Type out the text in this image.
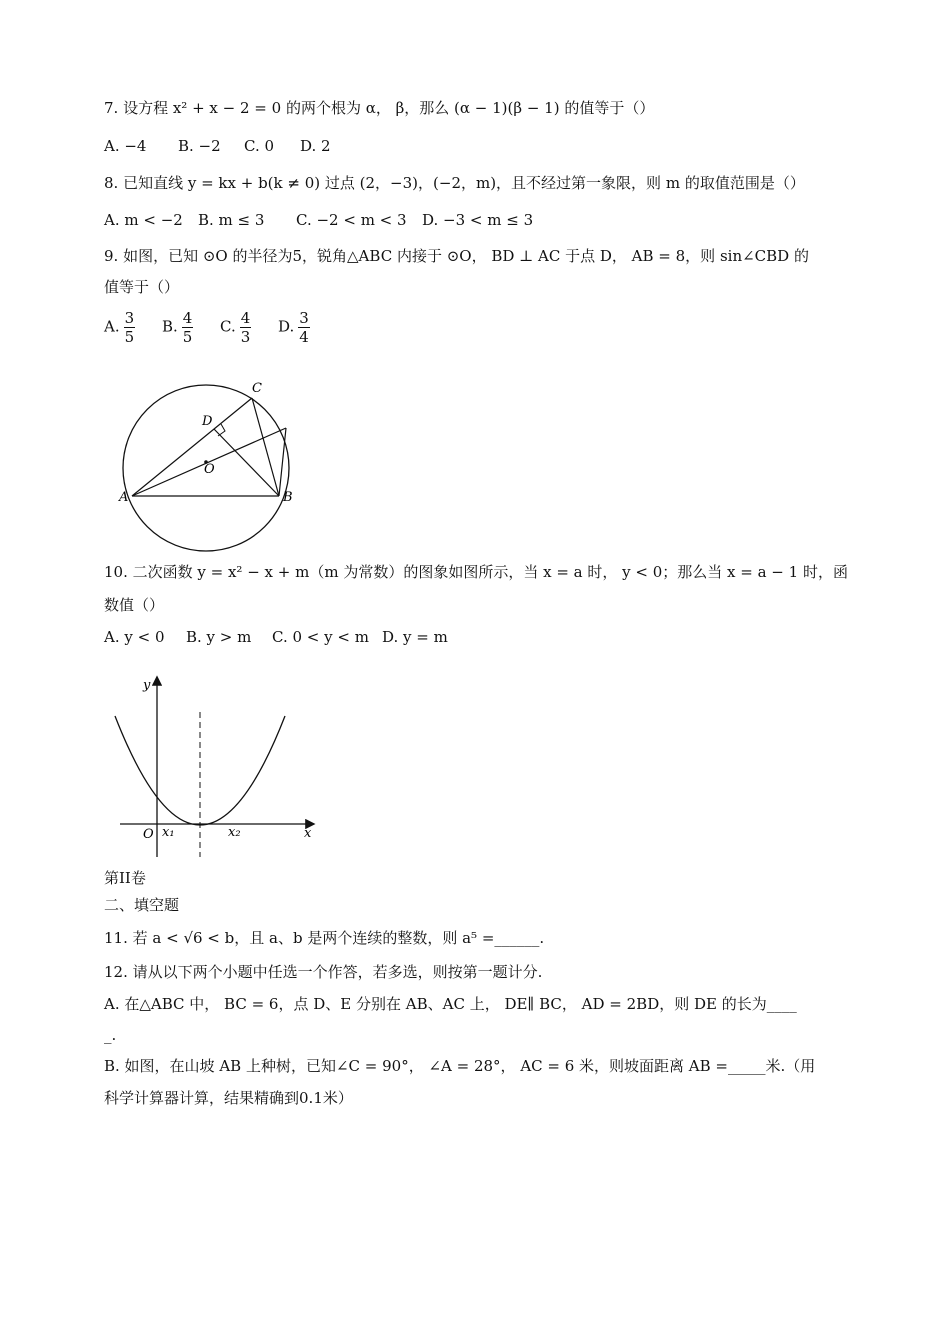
7. 设方程 x² + x − 2 = 0 的两个根为 α， β，那么 (α − 1)(β − 1) 的值等于（）
A. −4 B. −2 C. 0 D. 2
8. 已知直线 y = kx + b(k ≠ 0) 过点 (2，−3)，(−2，m)，且不经过第一象限，则 m 的取值范围是（）
A. m < −2 B. m ≤ 3 C. −2 < m < 3 D. −3 < m ≤ 3
9. 如图，已知 ⊙O 的半径为5，锐角△ABC 内接于 ⊙O， BD ⊥ AC 于点 D， AB = 8，则 sin∠CBD 的
值等于（）
A. $\frac{3}{5} B$. $\frac{4}{5} C$. $\frac{4}{3} D$. $\frac{3}{4}$
A	B
C
D
O
10. 二次函数 y = x² − x + m（m 为常数）的图象如图所示，当 x = a 时， y < 0；那么当 x = a − 1 时，函
数值（）
A. y < 0 B. y > m C. 0 < y < m D. y = m
y
x
O x₁	x₂
第II卷
二、填空题
11. 若 a < √6 < b，且 a、b 是两个连续的整数，则 a⁵ =______.
12. 请从以下两个小题中任选一个作答，若多选，则按第一题计分.
A. 在△ABC 中， BC = 6，点 D、E 分别在 AB、AC 上， DE∥ BC， AD = 2BD，则 DE 的长为____
_.
B. 如图，在山坡 AB 上种树，已知∠C = 90°， ∠A = 28°， AC = 6 米，则坡面距离 AB =_____米.（用
科学计算器计算，结果精确到0.1米）
